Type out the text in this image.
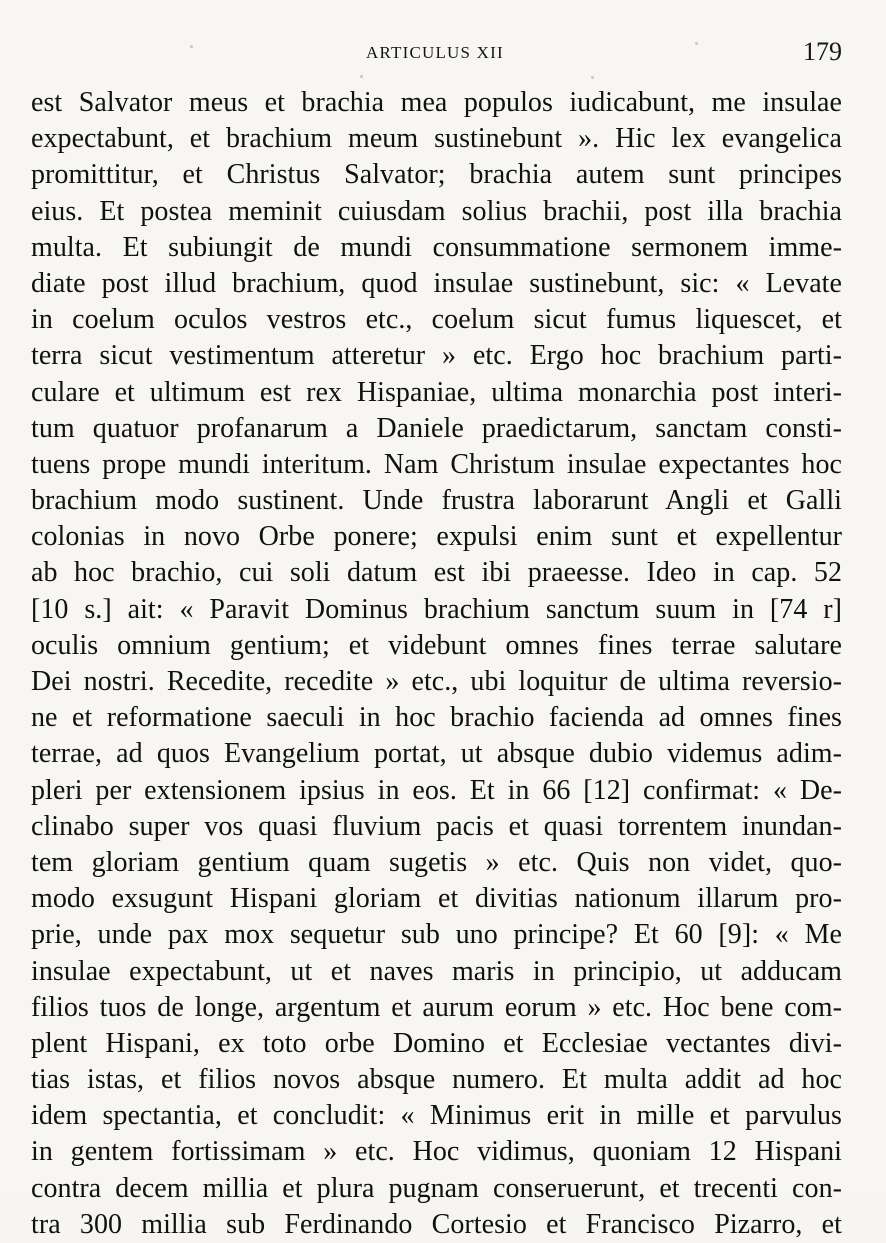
ARTICULUS XII	179
est Salvator meus et brachia mea populos iudicabunt, me insulae
expectabunt, et brachium meum sustinebunt ». Hic lex evangelica
promittitur, et Christus Salvator; brachia autem sunt principes
eius. Et postea meminit cuiusdam solius brachii, post illa brachia
multa. Et subiungit de mundi consummatione sermonem imme-
diate post illud brachium, quod insulae sustinebunt, sic: « Levate
in coelum oculos vestros etc., coelum sicut fumus liquescet, et
terra sicut vestimentum atteretur » etc. Ergo hoc brachium parti-
culare et ultimum est rex Hispaniae, ultima monarchia post interi-
tum quatuor profanarum a Daniele praedictarum, sanctam consti-
tuens prope mundi interitum. Nam Christum insulae expectantes hoc
brachium modo sustinent. Unde frustra laborarunt Angli et Galli
colonias in novo Orbe ponere; expulsi enim sunt et expellentur
ab hoc brachio, cui soli datum est ibi praeesse. Ideo in cap. 52
[10 s.] ait: « Paravit Dominus brachium sanctum suum in [74 r]
oculis omnium gentium; et videbunt omnes fines terrae salutare
Dei nostri. Recedite, recedite » etc., ubi loquitur de ultima reversio-
ne et reformatione saeculi in hoc brachio facienda ad omnes fines
terrae, ad quos Evangelium portat, ut absque dubio videmus adim-
pleri per extensionem ipsius in eos. Et in 66 [12] confirmat: « De-
clinabo super vos quasi fluvium pacis et quasi torrentem inundan-
tem gloriam gentium quam sugetis » etc. Quis non videt, quo-
modo exsugunt Hispani gloriam et divitias nationum illarum pro-
prie, unde pax mox sequetur sub uno principe? Et 60 [9]: « Me
insulae expectabunt, ut et naves maris in principio, ut adducam
filios tuos de longe, argentum et aurum eorum » etc. Hoc bene com-
plent Hispani, ex toto orbe Domino et Ecclesiae vectantes divi-
tias istas, et filios novos absque numero. Et multa addit ad hoc
idem spectantia, et concludit: « Minimus erit in mille et parvulus
in gentem fortissimam » etc. Hoc vidimus, quoniam 12 Hispani
contra decem millia et plura pugnam conseruerunt, et trecenti con-
tra 300 millia sub Ferdinando Cortesio et Francisco Pizarro, et
